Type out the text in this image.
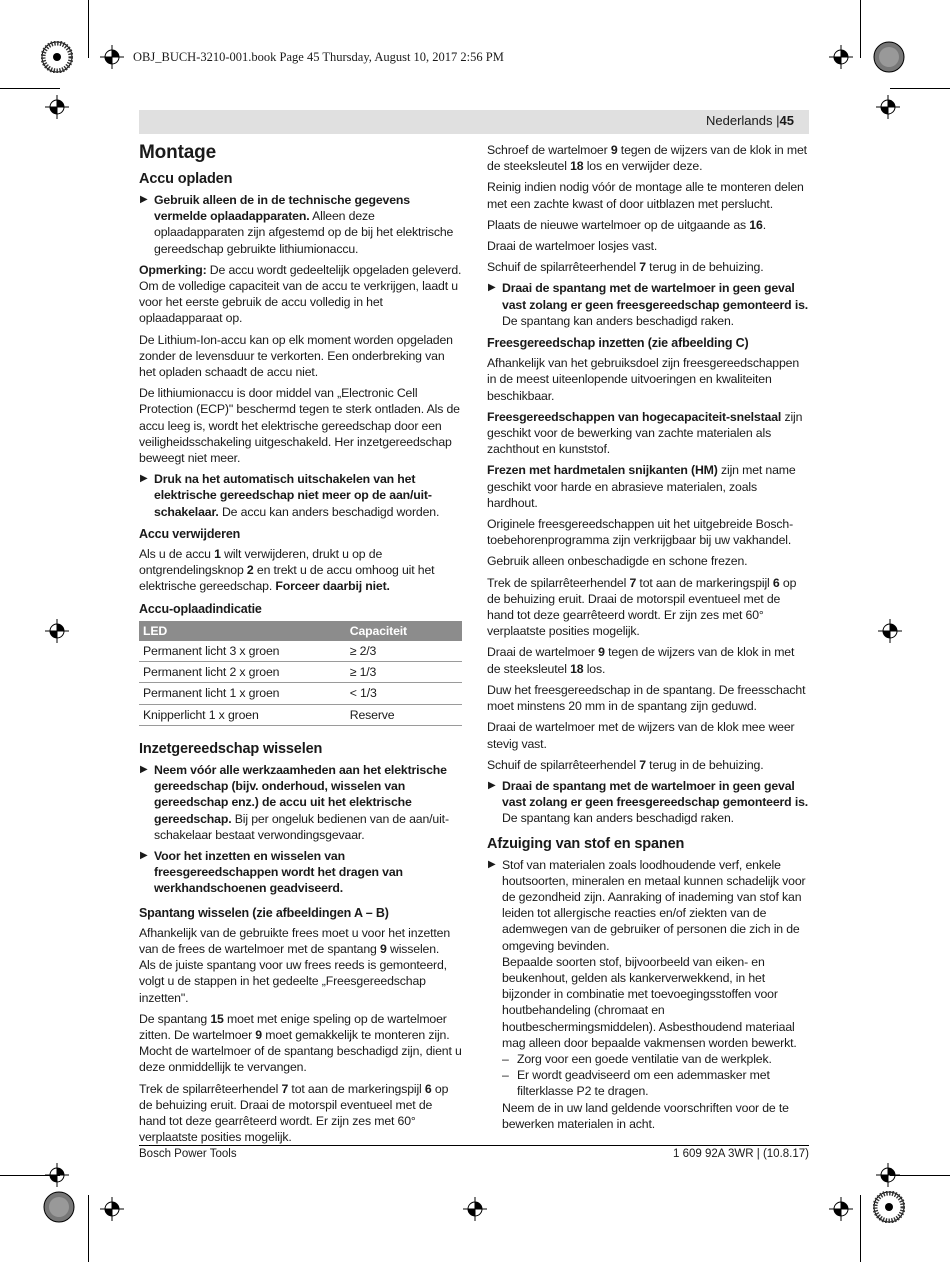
OBJ_BUCH-3210-001.book Page 45 Thursday, August 10, 2017 2:56 PM
Nederlands |45
Montage
Accu opladen
▶ Gebruik alleen de in de technische gegevens vermelde oplaadapparaten. Alleen deze oplaadapparaten zijn afgestemd op de bij het elektrische gereedschap gebruikte lithiumionaccu.

Opmerking: De accu wordt gedeeltelijk opgeladen geleverd. Om de volledige capaciteit van de accu te verkrijgen, laadt u voor het eerste gebruik de accu volledig in het oplaadapparaat op.

De Lithium-Ion-accu kan op elk moment worden opgeladen zonder de levensduur te verkorten. Een onderbreking van het opladen schaadt de accu niet.

De lithiumionaccu is door middel van „Electronic Cell Protection (ECP)" beschermd tegen te sterk ontladen. Als de accu leeg is, wordt het elektrische gereedschap door een veiligheidsschakeling uitgeschakeld. Her inzetgereedschap beweegt niet meer.

▶ Druk na het automatisch uitschakelen van het elektrische gereedschap niet meer op de aan/uit-schakelaar. De accu kan anders beschadigd worden.
Accu verwijderen

Als u de accu 1 wilt verwijderen, drukt u op de ontgrendelingsknop 2 en trekt u de accu omhoog uit het elektrische gereedschap. Forceer daarbij niet.

Accu-oplaadindicatie
LED	Capaciteit
Permanent licht 3 x groen	≥ 2/3
Permanent licht 2 x groen	≥ 1/3
Permanent licht 1 x groen	< 1/3
Knipperlicht 1 x groen	Reserve
Inzetgereedschap wisselen
▶ Neem vóór alle werkzaamheden aan het elektrische gereedschap (bijv. onderhoud, wisselen van gereedschap enz.) de accu uit het elektrische gereedschap. Bij per ongeluk bedienen van de aan/uit-schakelaar bestaat verwondingsgevaar.
▶ Voor het inzetten en wisselen van freesgereedschappen wordt het dragen van werkhandschoenen geadviseerd.
Spantang wisselen (zie afbeeldingen A – B)

Afhankelijk van de gebruikte frees moet u voor het inzetten van de frees de wartelmoer met de spantang 9 wisselen.
Als de juiste spantang voor uw frees reeds is gemonteerd, volgt u de stappen in het gedeelte „Freesgereedschap inzetten".

De spantang 15 moet met enige speling op de wartelmoer zitten. De wartelmoer 9 moet gemakkelijk te monteren zijn. Mocht de wartelmoer of de spantang beschadigd zijn, dient u deze onmiddellijk te vervangen.

Trek de spilarrêteerhendel 7 tot aan de markeringspijl 6 op de behuizing eruit. Draai de motorspil eventueel met de hand tot deze gearrêteerd wordt. Er zijn zes met 60° verplaatste posities mogelijk.

Schroef de wartelmoer 9 tegen de wijzers van de klok in met de steeksleutel 18 los en verwijder deze.

Reinig indien nodig vóór de montage alle te monteren delen met een zachte kwast of door uitblazen met perslucht.

Plaats de nieuwe wartelmoer op de uitgaande as 16.

Draai de wartelmoer losjes vast.

Schuif de spilarrêteerhendel 7 terug in de behuizing.

▶ Draai de spantang met de wartelmoer in geen geval vast zolang er geen freesgereedschap gemonteerd is. De spantang kan anders beschadigd raken.
Freesgereedschap inzetten (zie afbeelding C)

Afhankelijk van het gebruiksdoel zijn freesgereedschappen in de meest uiteenlopende uitvoeringen en kwaliteiten beschikbaar.

Freesgereedschappen van hogecapaciteit-snelstaal zijn geschikt voor de bewerking van zachte materialen als zachthout en kunststof.

Frezen met hardmetalen snijkanten (HM) zijn met name geschikt voor harde en abrasieve materialen, zoals hardhout.

Originele freesgereedschappen uit het uitgebreide Bosch-toebehorenprogramma zijn verkrijgbaar bij uw vakhandel.

Gebruik alleen onbeschadigde en schone frezen.

Trek de spilarrêteerhendel 7 tot aan de markeringspijl 6 op de behuizing eruit. Draai de motorspil eventueel met de hand tot deze gearrêteerd wordt. Er zijn zes met 60° verplaatste posities mogelijk.

Draai de wartelmoer 9 tegen de wijzers van de klok in met de steeksleutel 18 los.

Duw het freesgereedschap in de spantang. De freesschacht moet minstens 20 mm in de spantang zijn geduwd.

Draai de wartelmoer met de wijzers van de klok mee weer stevig vast.

Schuif de spilarrêteerhendel 7 terug in de behuizing.

▶ Draai de spantang met de wartelmoer in geen geval vast zolang er geen freesgereedschap gemonteerd is. De spantang kan anders beschadigd raken.
Afzuiging van stof en spanen
▶ Stof van materialen zoals loodhoudende verf, enkele houtsoorten, mineralen en metaal kunnen schadelijk voor de gezondheid zijn. Aanraking of inademing van stof kan leiden tot allergische reacties en/of ziekten van de ademwegen van de gebruiker of personen die zich in de omgeving bevinden.

Bepaalde soorten stof, bijvoorbeeld van eiken- en beukenhout, gelden als kankerverwekkend, in het bijzonder in combinatie met toevoegingsstoffen voor houtbehandeling (chromaat en houtbeschermingsmiddelen). Asbesthoudend materiaal mag alleen door bepaalde vakmensen worden bewerkt.

– Zorg voor een goede ventilatie van de werkplek.
– Er wordt geadviseerd om een ademmasker met filterklasse P2 te dragen.

Neem de in uw land geldende voorschriften voor de te bewerken materialen in acht.

Bosch Power Tools	1 609 92A 3WR | (10.8.17)
